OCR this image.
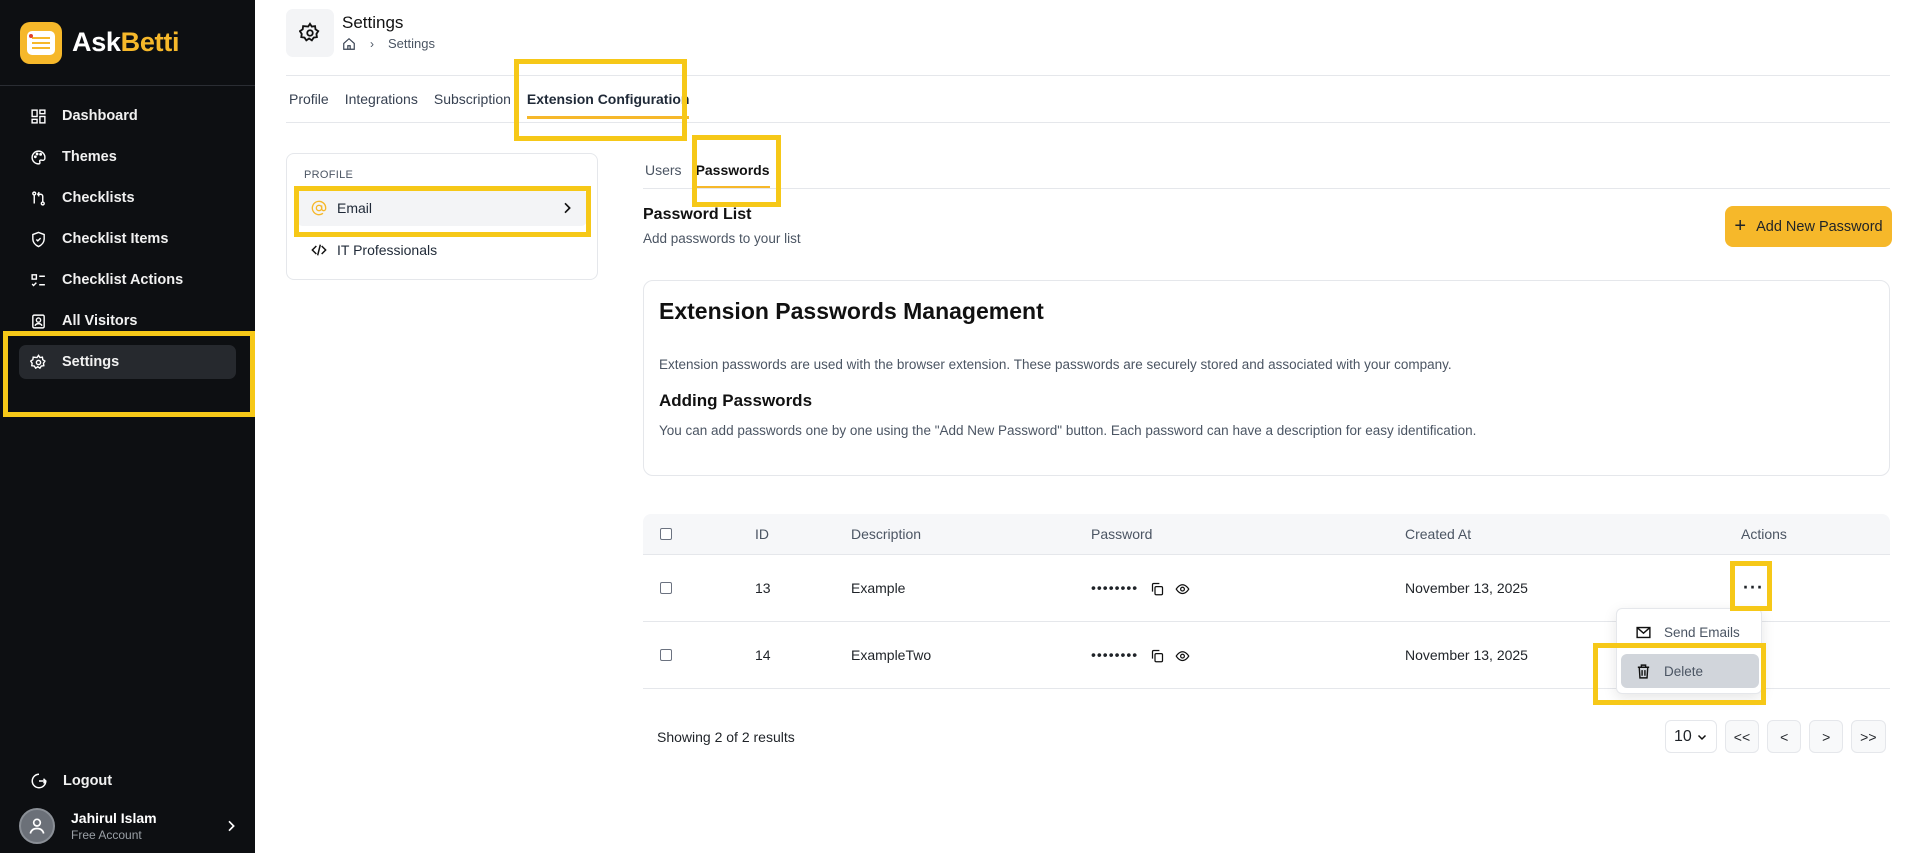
AskBetti
Dashboard
Themes
Checklists
Checklist Items
Checklist Actions
All Visitors
Settings
Logout
Jahirul Islam
Free Account
Settings
› Settings
Profile Integrations Subscription Extension Configuration
PROFILE
Email
IT Professionals
Users Passwords
Password List
Add passwords to your list
+ Add New Password
Extension Passwords Management
Extension passwords are used with the browser extension. These passwords are securely stored and associated with your company.
Adding Passwords
You can add passwords one by one using the "Add New Password" button. Each password can have a description for easy identification.
ID	Description	Password	Created At	Actions
13	Example	••••••••	November 13, 2025	···
14	ExampleTwo	••••••••	November 13, 2025
Showing 2 of 2 results	10	<<	<	>	>>
Send Emails
Delete
